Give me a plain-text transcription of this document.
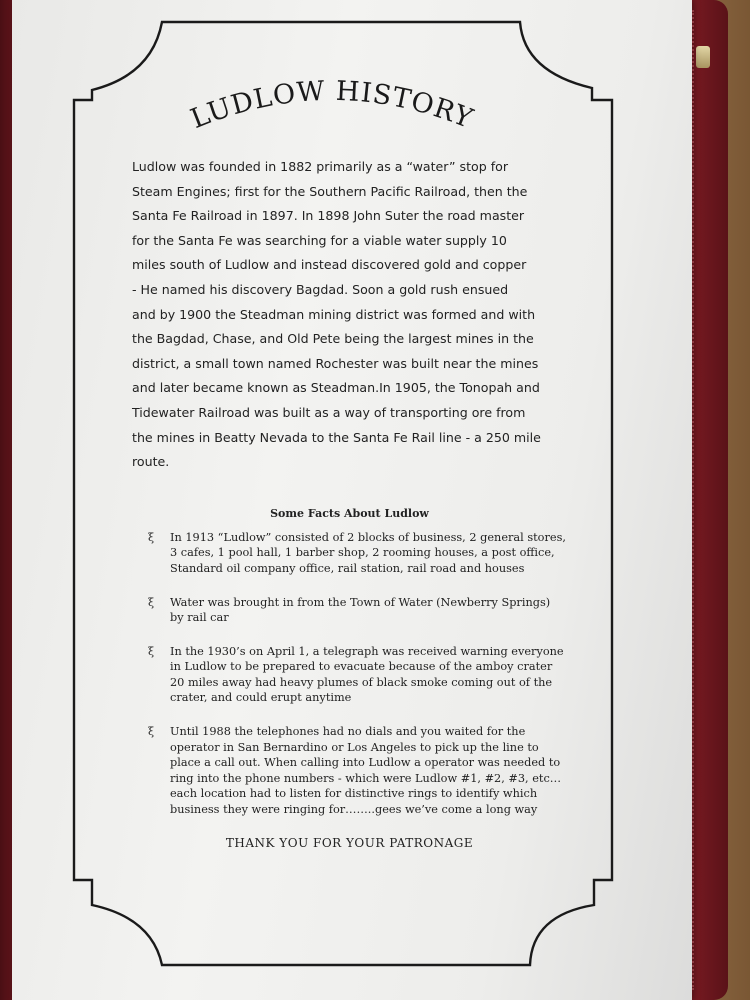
LUDLOW HISTORY

Ludlow was founded in 1882 primarily as a “water” stop for

Steam Engines; first for the Southern Pacific Railroad, then the

Santa Fe Railroad in 1897. In 1898 John Suter the road master

for the Santa Fe was searching for a viable water supply 10

miles south of Ludlow and instead discovered gold and copper

- He named his discovery Bagdad. Soon a gold rush ensued

and by 1900 the Steadman mining district was formed and with

the Bagdad, Chase, and Old Pete being the largest mines in the

district, a small town named Rochester was built near the mines

and later became known as Steadman.In 1905, the Tonopah and

Tidewater Railroad was built as a way of transporting ore from

the mines in Beatty Nevada to the Santa Fe Rail line - a 250 mile

route.

Some Facts About Ludlow
ξ In 1913 “Ludlow” consisted of 2 blocks of business, 2 general stores, 3 cafes, 1 pool hall, 1 barber shop, 2 rooming houses, a post office, Standard oil company office, rail station, rail road and houses
ξ Water was brought in from the Town of Water (Newberry Springs) by rail car
ξ In the 1930’s on April 1, a telegraph was received warning everyone in Ludlow to be prepared to evacuate because of the amboy crater 20 miles away had heavy plumes of black smoke coming out of the crater, and could erupt anytime
ξ Until 1988 the telephones had no dials and you waited for the operator in San Bernardino or Los Angeles to pick up the line to place a call out. When calling into Ludlow a operator was needed to ring into the phone numbers - which were Ludlow #1, #2, #3, etc…each location had to listen for distinctive rings to identify which business they were ringing for……..gees we’ve come a long way
THANK YOU FOR YOUR PATRONAGE
